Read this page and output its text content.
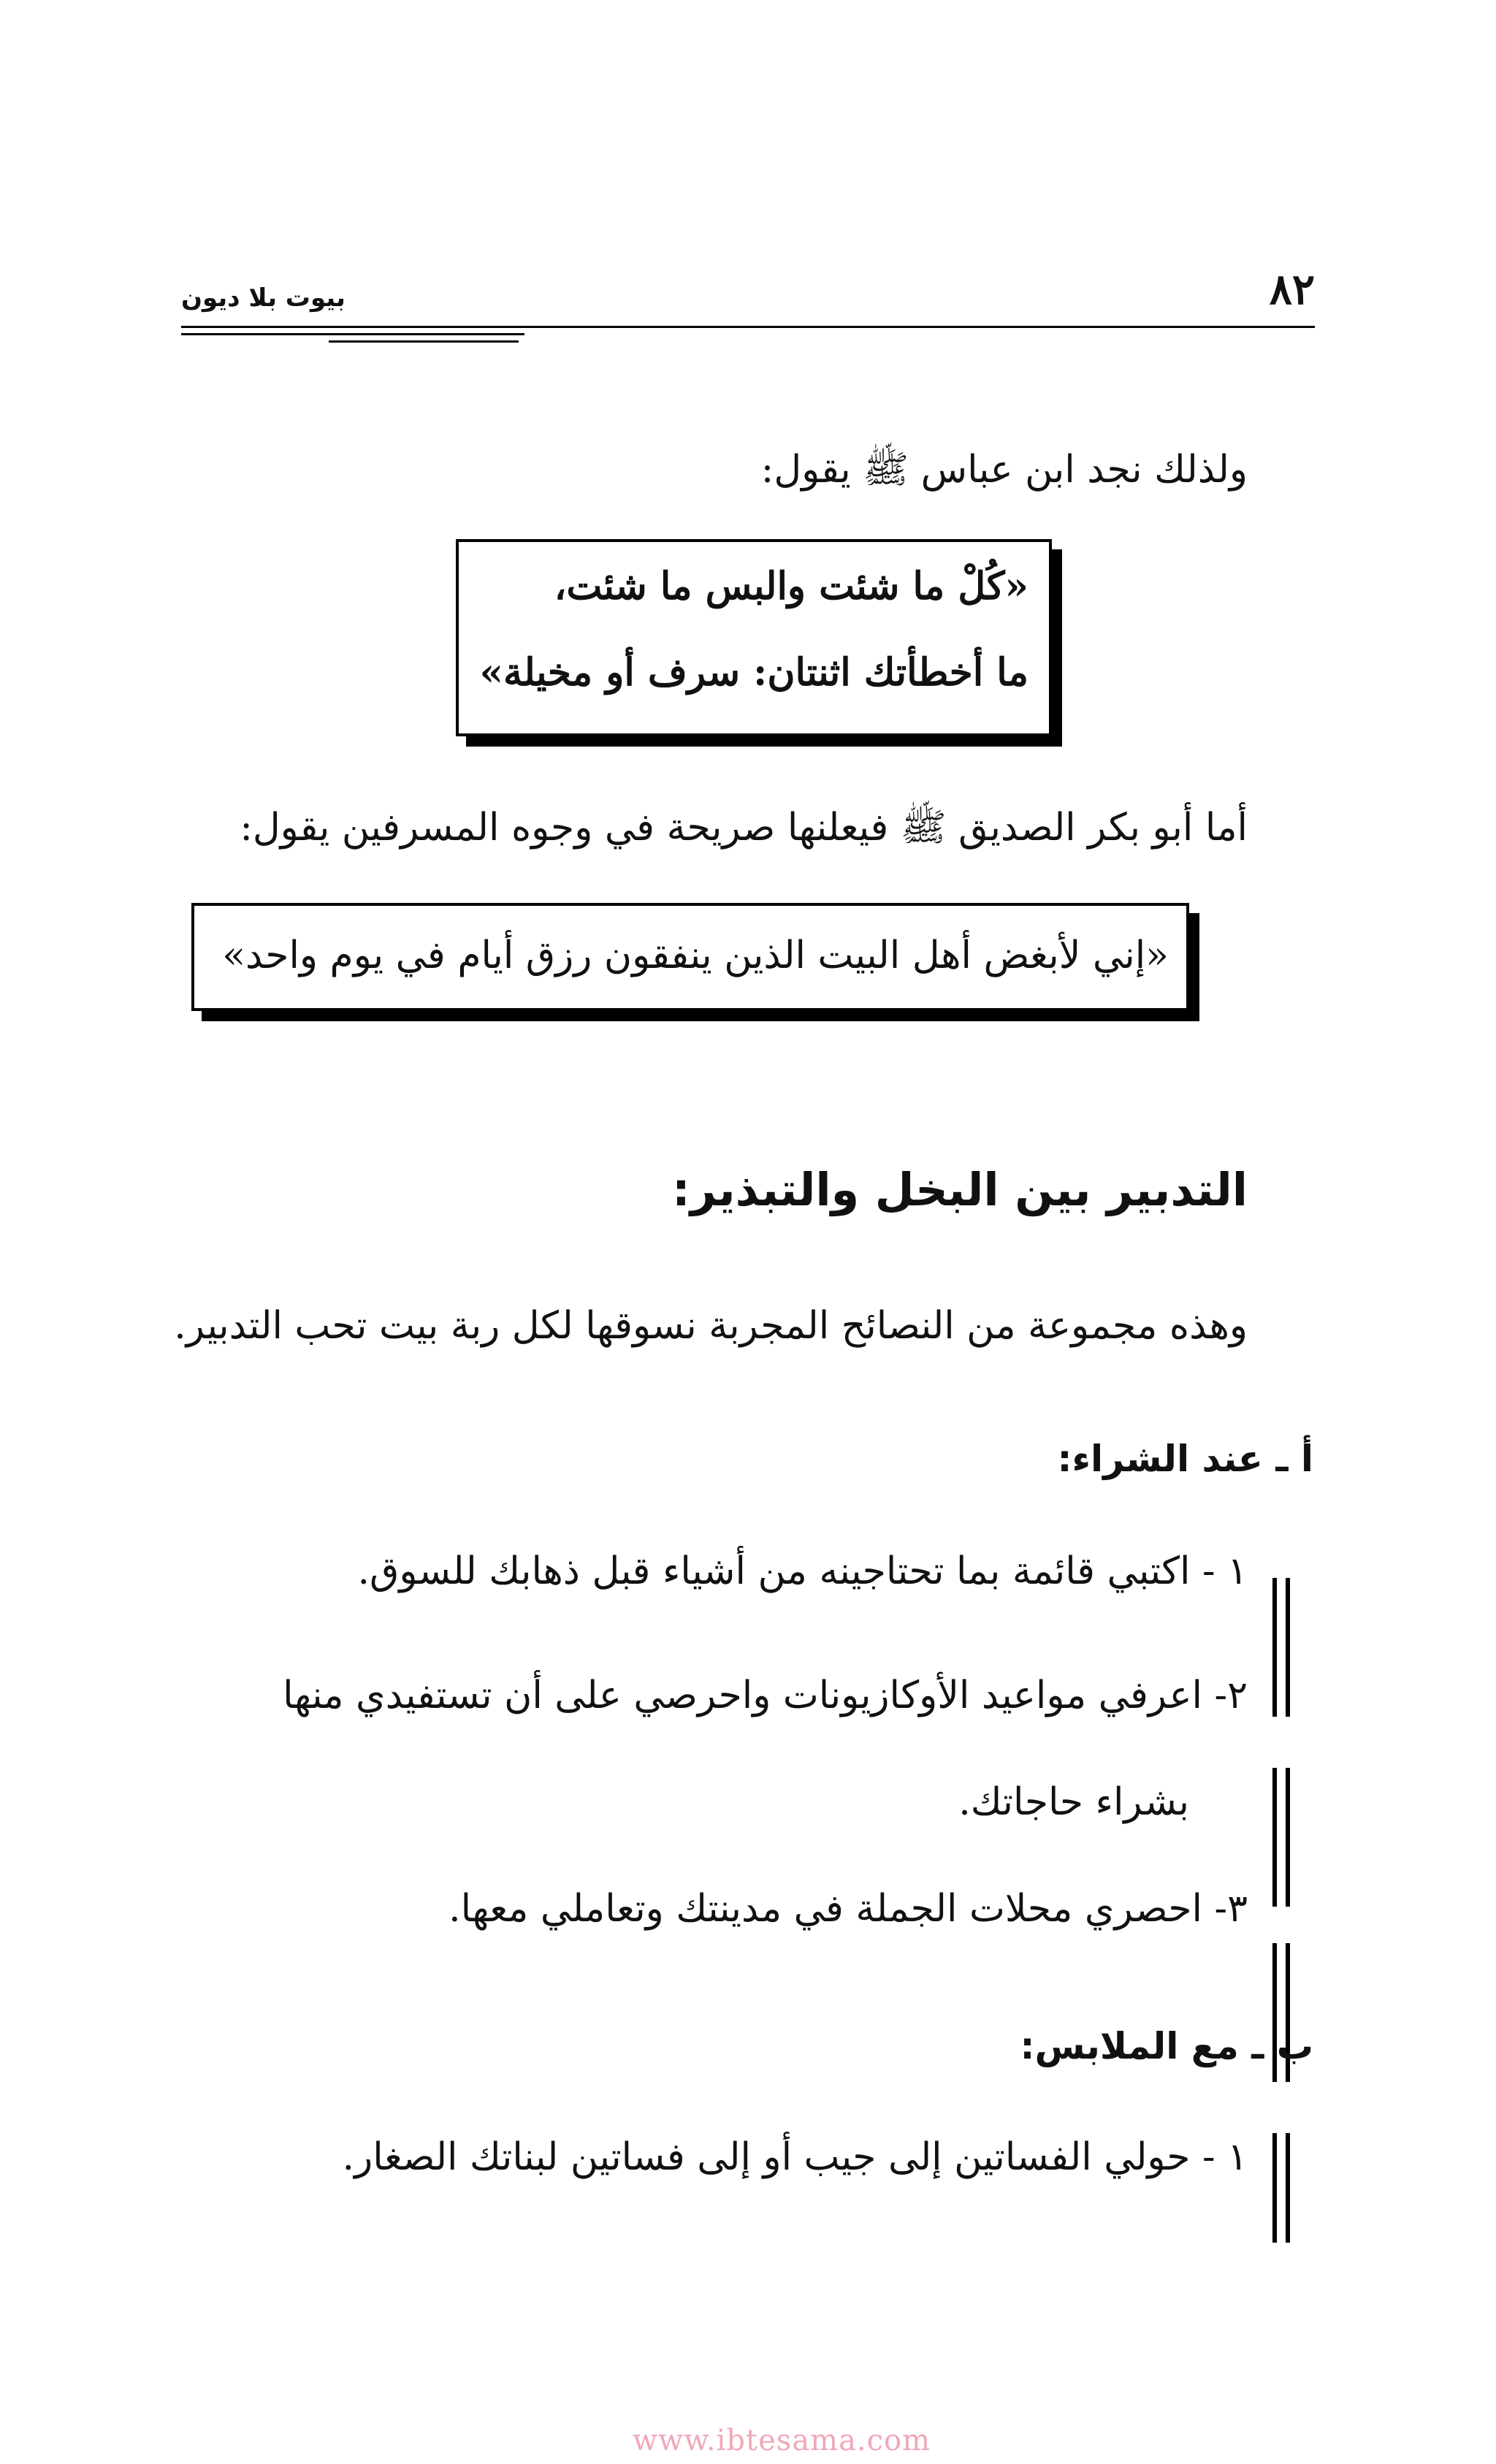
٨٢
بيوت بلا ديون
ولذلك نجد ابن عباس ﷺ يقول:
«كُلْ ما شئت والبس ما شئت،
ما أخطأتك اثنتان: سرف أو مخيلة»
أما أبو بكر الصديق ﷺ فيعلنها صريحة في وجوه المسرفين يقول:
«إني لأبغض أهل البيت الذين ينفقون رزق أيام في يوم واحد»
التدبير بين البخل والتبذير:
وهذه مجموعة من النصائح المجربة نسوقها لكل ربة بيت تحب التدبير.
أ ـ عند الشراء:
١ - اكتبي قائمة بما تحتاجينه من أشياء قبل ذهابك للسوق.
٢- اعرفي مواعيد الأوكازيونات واحرصي على أن تستفيدي منها
بشراء حاجاتك.
٣- احصري محلات الجملة في مدينتك وتعاملي معها.
ب ـ مع الملابس:
١ - حولي الفساتين إلى جيب أو إلى فساتين لبناتك الصغار.
www.ibtesama.com
